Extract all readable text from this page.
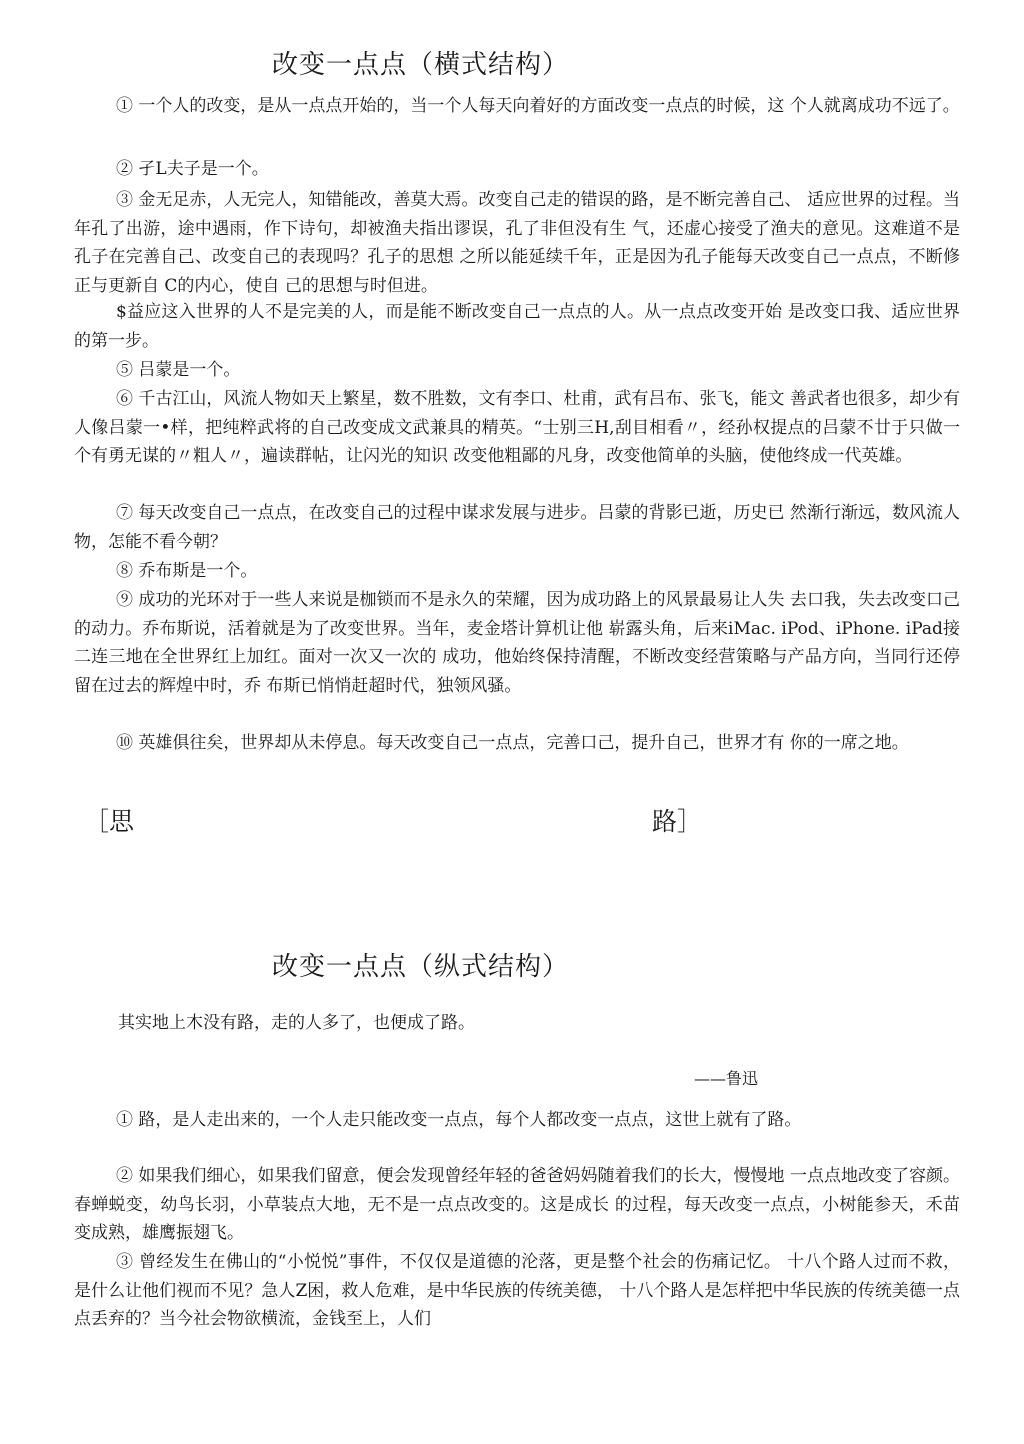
改变一点点（横式结构）

① 一个人的改变，是从一点点开始的，当一个人每天向着好的方面改变一点点的时候，这 个人就离成功不远了。

② 孑L夫子是一个。

③ 金无足赤，人无完人，知错能改，善莫大焉。改变自己走的错误的路，是不断完善自己、 适应世界的过程。当年孔了出游，途中遇雨，作下诗句，却被渔夫指出谬误，孔了非但没有生 气，还虚心接受了渔夫的意见。这难道不是孔子在完善自己、改变自己的表现吗？孔子的思想 之所以能延续千年，正是因为孔子能每天改变自己一点点，不断修正与更新自 C的内心，使自 己的思想与时但进。

$益应这入世界的人不是完美的人，而是能不断改变自己一点点的人。从一点点改变开始 是改变口我、适应世界的第一步。

⑤ 吕蒙是一个。

⑥ 千古江山，风流人物如天上繁星，数不胜数，文有李口、杜甫，武有吕布、张飞，能文 善武者也很多，却少有人像吕蒙一•样，把纯粹武将的自己改变成文武兼具的精英。“士别三H,刮目相看〃，经孙权提点的吕蒙不廿于只做一个有勇无谋的〃粗人〃，遍读群帖，让闪光的知识 改变他粗鄙的凡身，改变他简单的头脑，使他终成一代英雄。

⑦ 每天改变自己一点点，在改变自己的过程中谋求发展与进步。吕蒙的背影已逝，历史已 然渐行渐远，数风流人物，怎能不看今朝？

⑧ 乔布斯是一个。

⑨ 成功的光环对于一些人来说是枷锁而不是永久的荣耀，因为成功路上的风景最易让人失 去口我，失去改变口己的动力。乔布斯说，活着就是为了改变世界。当年，麦金塔计算机让他 崭露头角，后来iMac. iPod、iPhone. iPad接二连三地在全世界红上加红。面对一次又一次的 成功，他始终保持清醒，不断改变经营策略与产品方向，当同行还停留在过去的辉煌中时，乔 布斯已悄悄赶超时代，独领风骚。

⑩ 英雄俱往矣，世界却从未停息。每天改变自己一点点，完善口己，提升自己，世界才有 你的一席之地。

［思	路］
改变一点点（纵式结构）
其实地上木没有路，走的人多了，也便成了路。
——鲁迅

① 路，是人走出来的，一个人走只能改变一点点，每个人都改变一点点，这世上就有了路。

② 如果我们细心，如果我们留意，便会发现曾经年轻的爸爸妈妈随着我们的长大，慢慢地 一点点地改变了容颜。春蝉蜕变，幼鸟长羽，小草装点大地，无不是一点点改变的。这是成长 的过程，每天改变一点点，小树能参天，禾苗变成熟，雄鹰振翅飞。

③ 曾经发生在佛山的“小悦悦”事件，不仅仅是道德的沦落，更是整个社会的伤痛记忆。 十八个路人过而不救，是什么让他们视而不见？急人Z困，救人危难，是中华民族的传统美德， 十八个路人是怎样把中华民族的传统美德一点点丢弃的？当今社会物欲横流，金钱至上，人们
